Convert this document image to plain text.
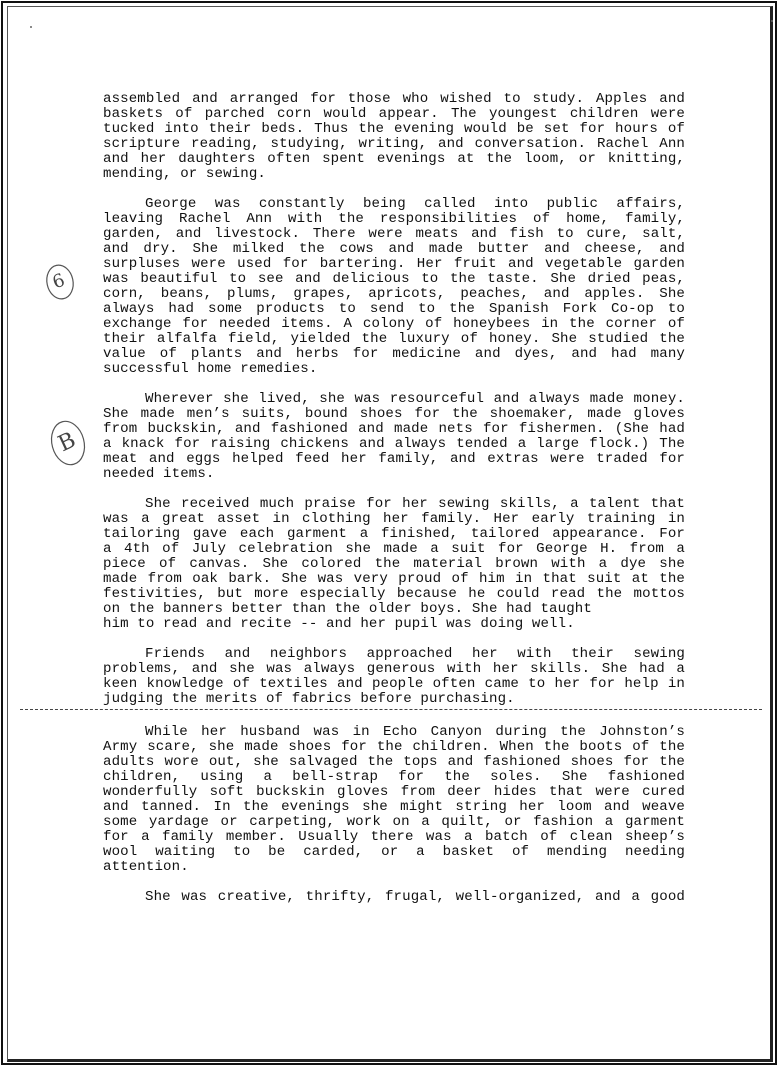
6
B
assembled and arranged for those who wished to study. Apples and
baskets of parched corn would appear. The youngest children were
tucked into their beds. Thus the evening would be set for hours of
scripture reading, studying, writing, and conversation. Rachel Ann
and her daughters often spent evenings at the loom, or knitting,
mending, or sewing.
George was constantly being called into public affairs,
leaving Rachel Ann with the responsibilities of home, family,
garden, and livestock. There were meats and fish to cure, salt,
and dry. She milked the cows and made butter and cheese, and
surpluses were used for bartering. Her fruit and vegetable garden
was beautiful to see and delicious to the taste. She dried peas,
corn, beans, plums, grapes, apricots, peaches, and apples. She
always had some products to send to the Spanish Fork Co-op to
exchange for needed items. A colony of honeybees in the corner of
their alfalfa field, yielded the luxury of honey. She studied the
value of plants and herbs for medicine and dyes, and had many
successful home remedies.
Wherever she lived, she was resourceful and always made money.
She made men’s suits, bound shoes for the shoemaker, made gloves
from buckskin, and fashioned and made nets for fishermen. (She had
a knack for raising chickens and always tended a large flock.) The
meat and eggs helped feed her family, and extras were traded for
needed items.
She received much praise for her sewing skills, a talent that
was a great asset in clothing her family. Her early training in
tailoring gave each garment a finished, tailored appearance. For
a 4th of July celebration she made a suit for George H. from a
piece of canvas. She colored the material brown with a dye she
made from oak bark. She was very proud of him in that suit at the
festivities, but more especially because he could read the mottos
on the banners better than the older boys. She had taught
him to read and recite -- and her pupil was doing well.
Friends and neighbors approached her with their sewing
problems, and she was always generous with her skills. She had a
keen knowledge of textiles and people often came to her for help in
judging the merits of fabrics before purchasing.
While her husband was in Echo Canyon during the Johnston’s
Army scare, she made shoes for the children. When the boots of the
adults wore out, she salvaged the tops and fashioned shoes for the
children, using a bell-strap for the soles. She fashioned
wonderfully soft buckskin gloves from deer hides that were cured
and tanned. In the evenings she might string her loom and weave
some yardage or carpeting, work on a quilt, or fashion a garment
for a family member. Usually there was a batch of clean sheep’s
wool waiting to be carded, or a basket of mending needing
attention.
She was creative, thrifty, frugal, well-organized, and a good
